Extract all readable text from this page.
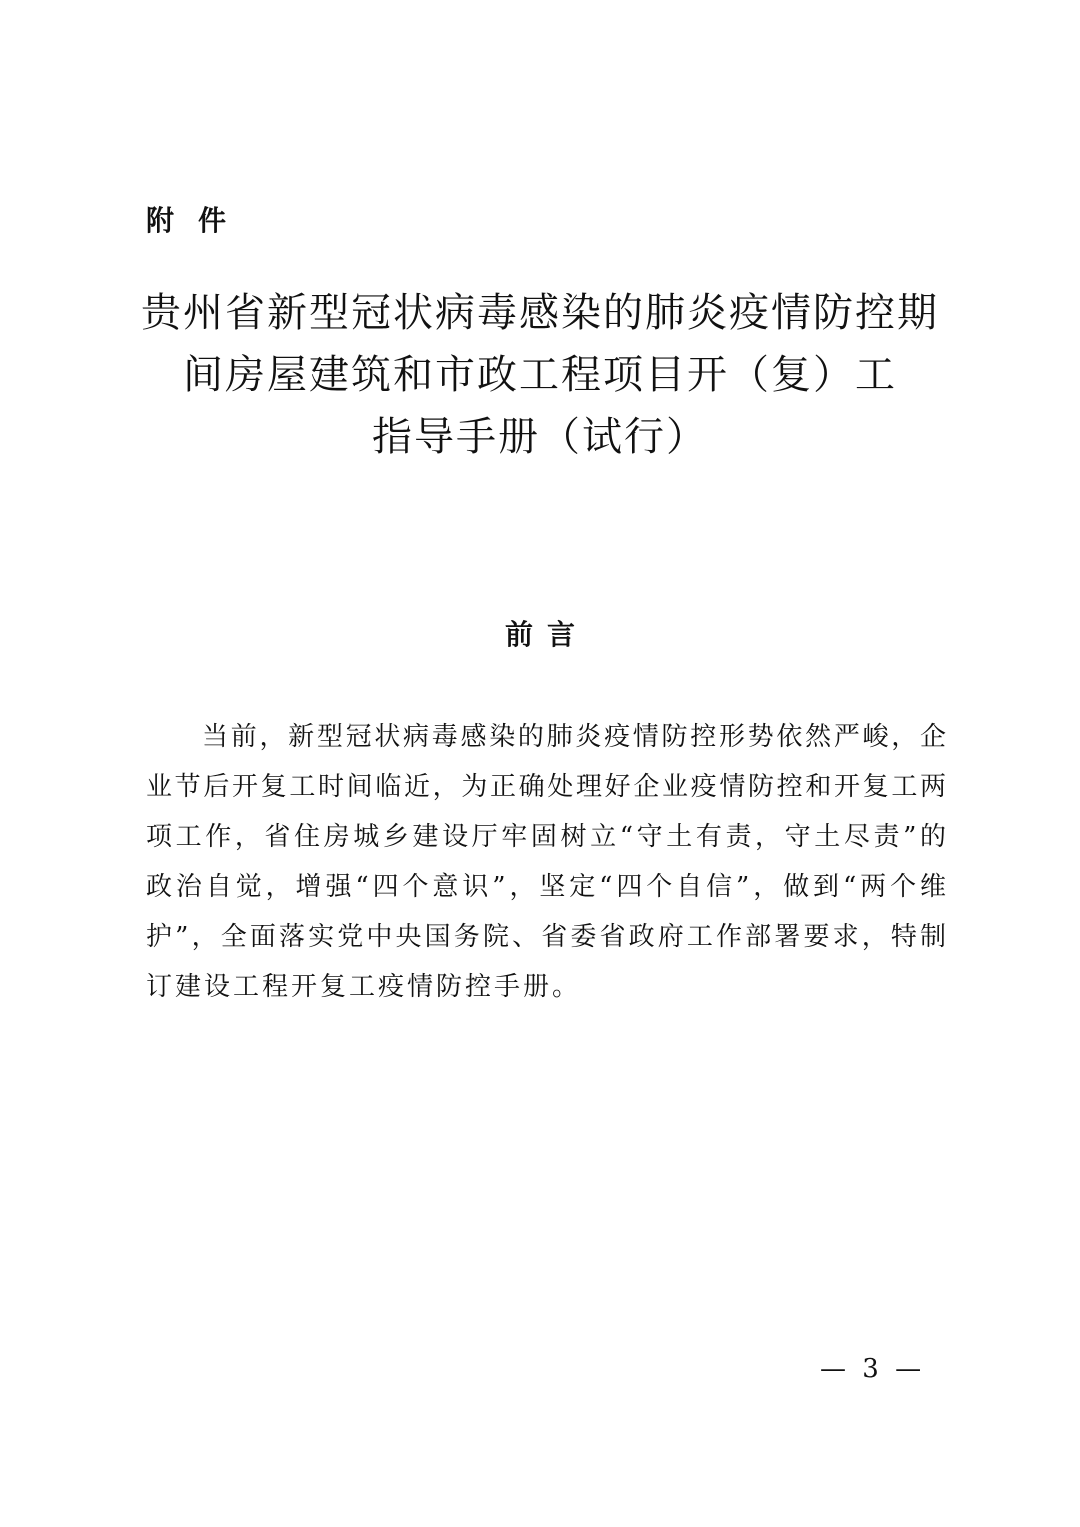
附件
贵州省新型冠状病毒感染的肺炎疫情防控期
间房屋建筑和市政工程项目开（复）工
指导手册（试行）
前言
当前，新型冠状病毒感染的肺炎疫情防控形势依然严峻，企
业节后开复工时间临近，为正确处理好企业疫情防控和开复工两
项工作，省住房城乡建设厅牢固树立“守土有责，守土尽责”的
政治自觉，增强“四个意识”，坚定“四个自信”，做到“两个维
护”，全面落实党中央国务院、省委省政府工作部署要求，特制
订建设工程开复工疫情防控手册。
— 3 —
